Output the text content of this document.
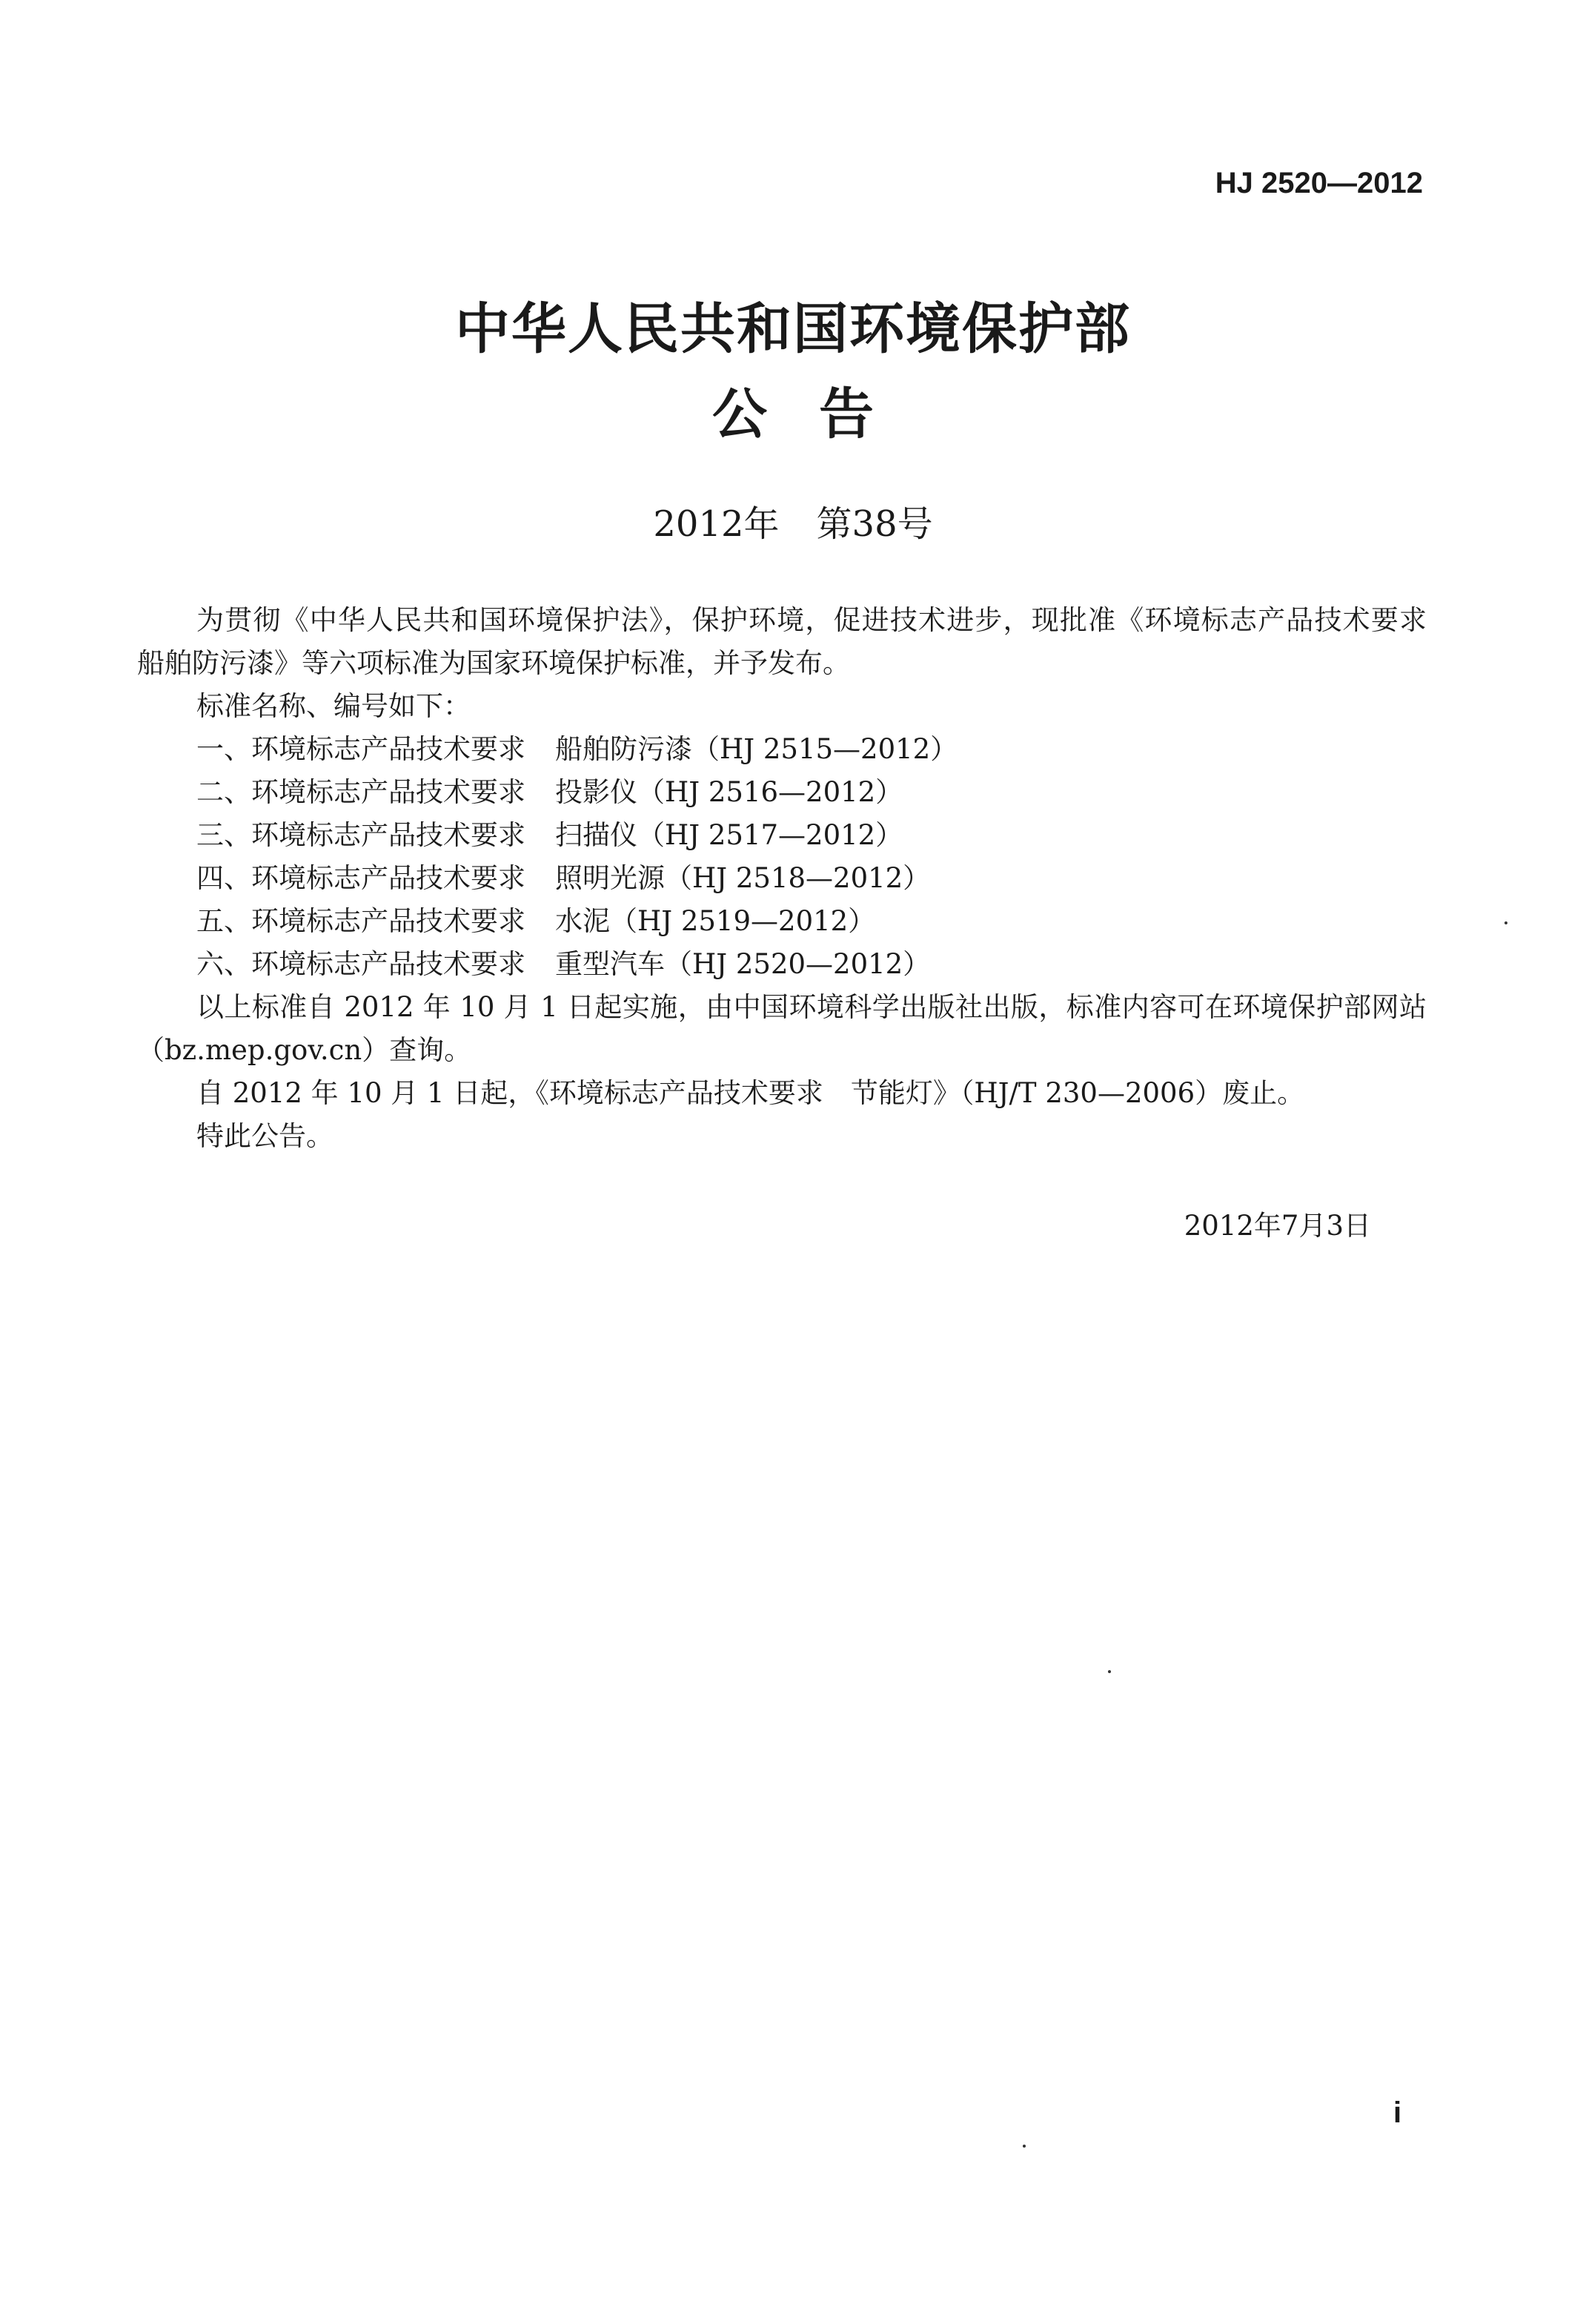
HJ 2520—2012
中华人民共和国环境保护部
公告
2012年 第38号

为贯彻《中华人民共和国环境保护法》，保护环境，促进技术进步，现批准《环境标志产品技术要求　船舶防污漆》等六项标准为国家环境保护标准，并予发布。

标准名称、编号如下：

一、环境标志产品技术要求 船舶防污漆（HJ 2515—2012）

二、环境标志产品技术要求 投影仪（HJ 2516—2012）

三、环境标志产品技术要求 扫描仪（HJ 2517—2012）

四、环境标志产品技术要求 照明光源（HJ 2518—2012）

五、环境标志产品技术要求 水泥（HJ 2519—2012）

六、环境标志产品技术要求 重型汽车（HJ 2520—2012）

以上标准自 2012 年 10 月 1 日起实施，由中国环境科学出版社出版，标准内容可在环境保护部网站（bz.mep.gov.cn）查询。

自 2012 年 10 月 1 日起，《环境标志产品技术要求　节能灯》（HJ/T 230—2006）废止。

特此公告。

2012年7月3日
i
